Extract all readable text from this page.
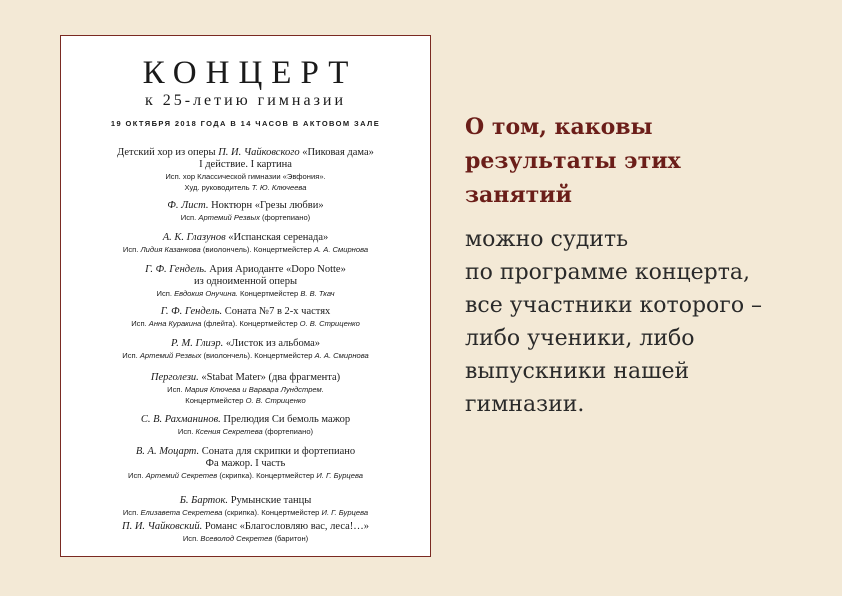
КОНЦЕРТ
к 25-летию гимназии
19 ОКТЯБРЯ 2018 ГОДА В 14 ЧАСОВ В АКТОВОМ ЗАЛЕ
Детский хор из оперы П. И. Чайковского «Пиковая дама»
I действие. I картина
Исп. хор Классической гимназии «Эвфония».
Худ. руководитель Т. Ю. Ключеева
Ф. Лист. Ноктюрн «Грезы любви»
Исп. Артемий Резвых (фортепиано)
А. К. Глазунов «Испанская серенада»
Исп. Лидия Казанкова (виолончель). Концертмейстер А. А. Смирнова
Г. Ф. Гендель. Ария Ариоданте «Dopo Notte»
из одноименной оперы
Исп. Евдокия Онучина. Концертмейстер В. В. Ткач
Г. Ф. Гендель. Соната №7 в 2-х частях
Исп. Анна Куракина (флейта). Концертмейстер О. В. Стриценко
Р. М. Глиэр. «Листок из альбома»
Исп. Артемий Резвых (виолончель). Концертмейстер А. А. Смирнова
Перголези. «Stabat Mater» (два фрагмента)
Исп. Мария Ключева и Варвара Лундстрем.
Концертмейстер О. В. Стриценко
С. В. Рахманинов. Прелюдия Си бемоль мажор
Исп. Ксения Секретева (фортепиано)
В. А. Моцарт. Соната для скрипки и фортепиано
Фа мажор. I часть
Исп. Артемий Секретев (скрипка). Концертмейстер И. Г. Бурцева
Б. Барток. Румынские танцы
Исп. Елизавета Секретева (скрипка). Концертмейстер И. Г. Бурцева
П. И. Чайковский. Романс «Благословляю вас, леса!…»
Исп. Всеволод Секретев (баритон)
О том, каковы
результаты этих
занятий
можно судить
по программе концерта,
все участники которого –
либо ученики, либо
выпускники нашей
гимназии.
